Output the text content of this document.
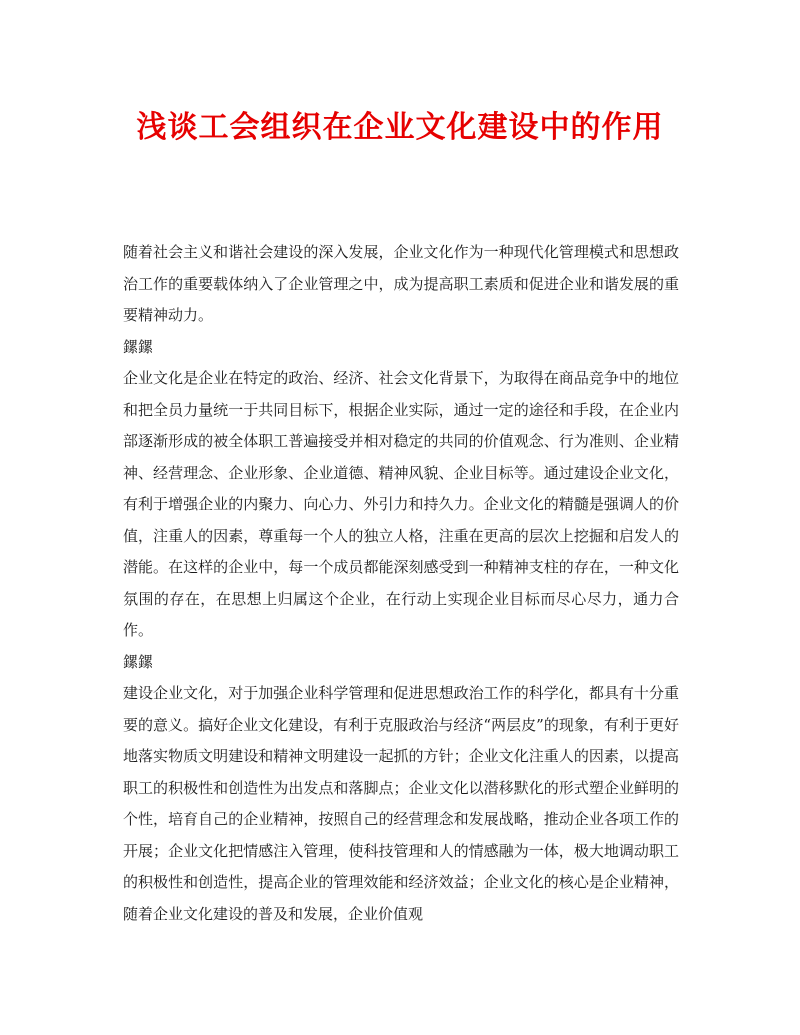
浅谈工会组织在企业文化建设中的作用

随着社会主义和谐社会建设的深入发展，企业文化作为一种现代化管理模式和思想政治工作的重要载体纳入了企业管理之中，成为提高职工素质和促进企业和谐发展的重要精神动力。

鏍鏍

企业文化是企业在特定的政治、经济、社会文化背景下，为取得在商品竞争中的地位和把全员力量统一于共同目标下，根据企业实际，通过一定的途径和手段，在企业内部逐渐形成的被全体职工普遍接受并相对稳定的共同的价值观念、行为准则、企业精神、经营理念、企业形象、企业道德、精神风貌、企业目标等。通过建设企业文化，有利于增强企业的内聚力、向心力、外引力和持久力。企业文化的精髓是强调人的价值，注重人的因素，尊重每一个人的独立人格，注重在更高的层次上挖掘和启发人的潜能。在这样的企业中，每一个成员都能深刻感受到一种精神支柱的存在，一种文化氛围的存在，在思想上归属这个企业，在行动上实现企业目标而尽心尽力，通力合作。

鏍鏍

建设企业文化，对于加强企业科学管理和促进思想政治工作的科学化，都具有十分重要的意义。搞好企业文化建设，有利于克服政治与经济“两层皮”的现象，有利于更好地落实物质文明建设和精神文明建设一起抓的方针；企业文化注重人的因素，以提高职工的积极性和创造性为出发点和落脚点；企业文化以潜移默化的形式塑企业鲜明的个性，培育自己的企业精神，按照自己的经营理念和发展战略，推动企业各项工作的开展；企业文化把情感注入管理，使科技管理和人的情感融为一体，极大地调动职工的积极性和创造性，提高企业的管理效能和经济效益；企业文化的核心是企业精神，随着企业文化建设的普及和发展，企业价值观
